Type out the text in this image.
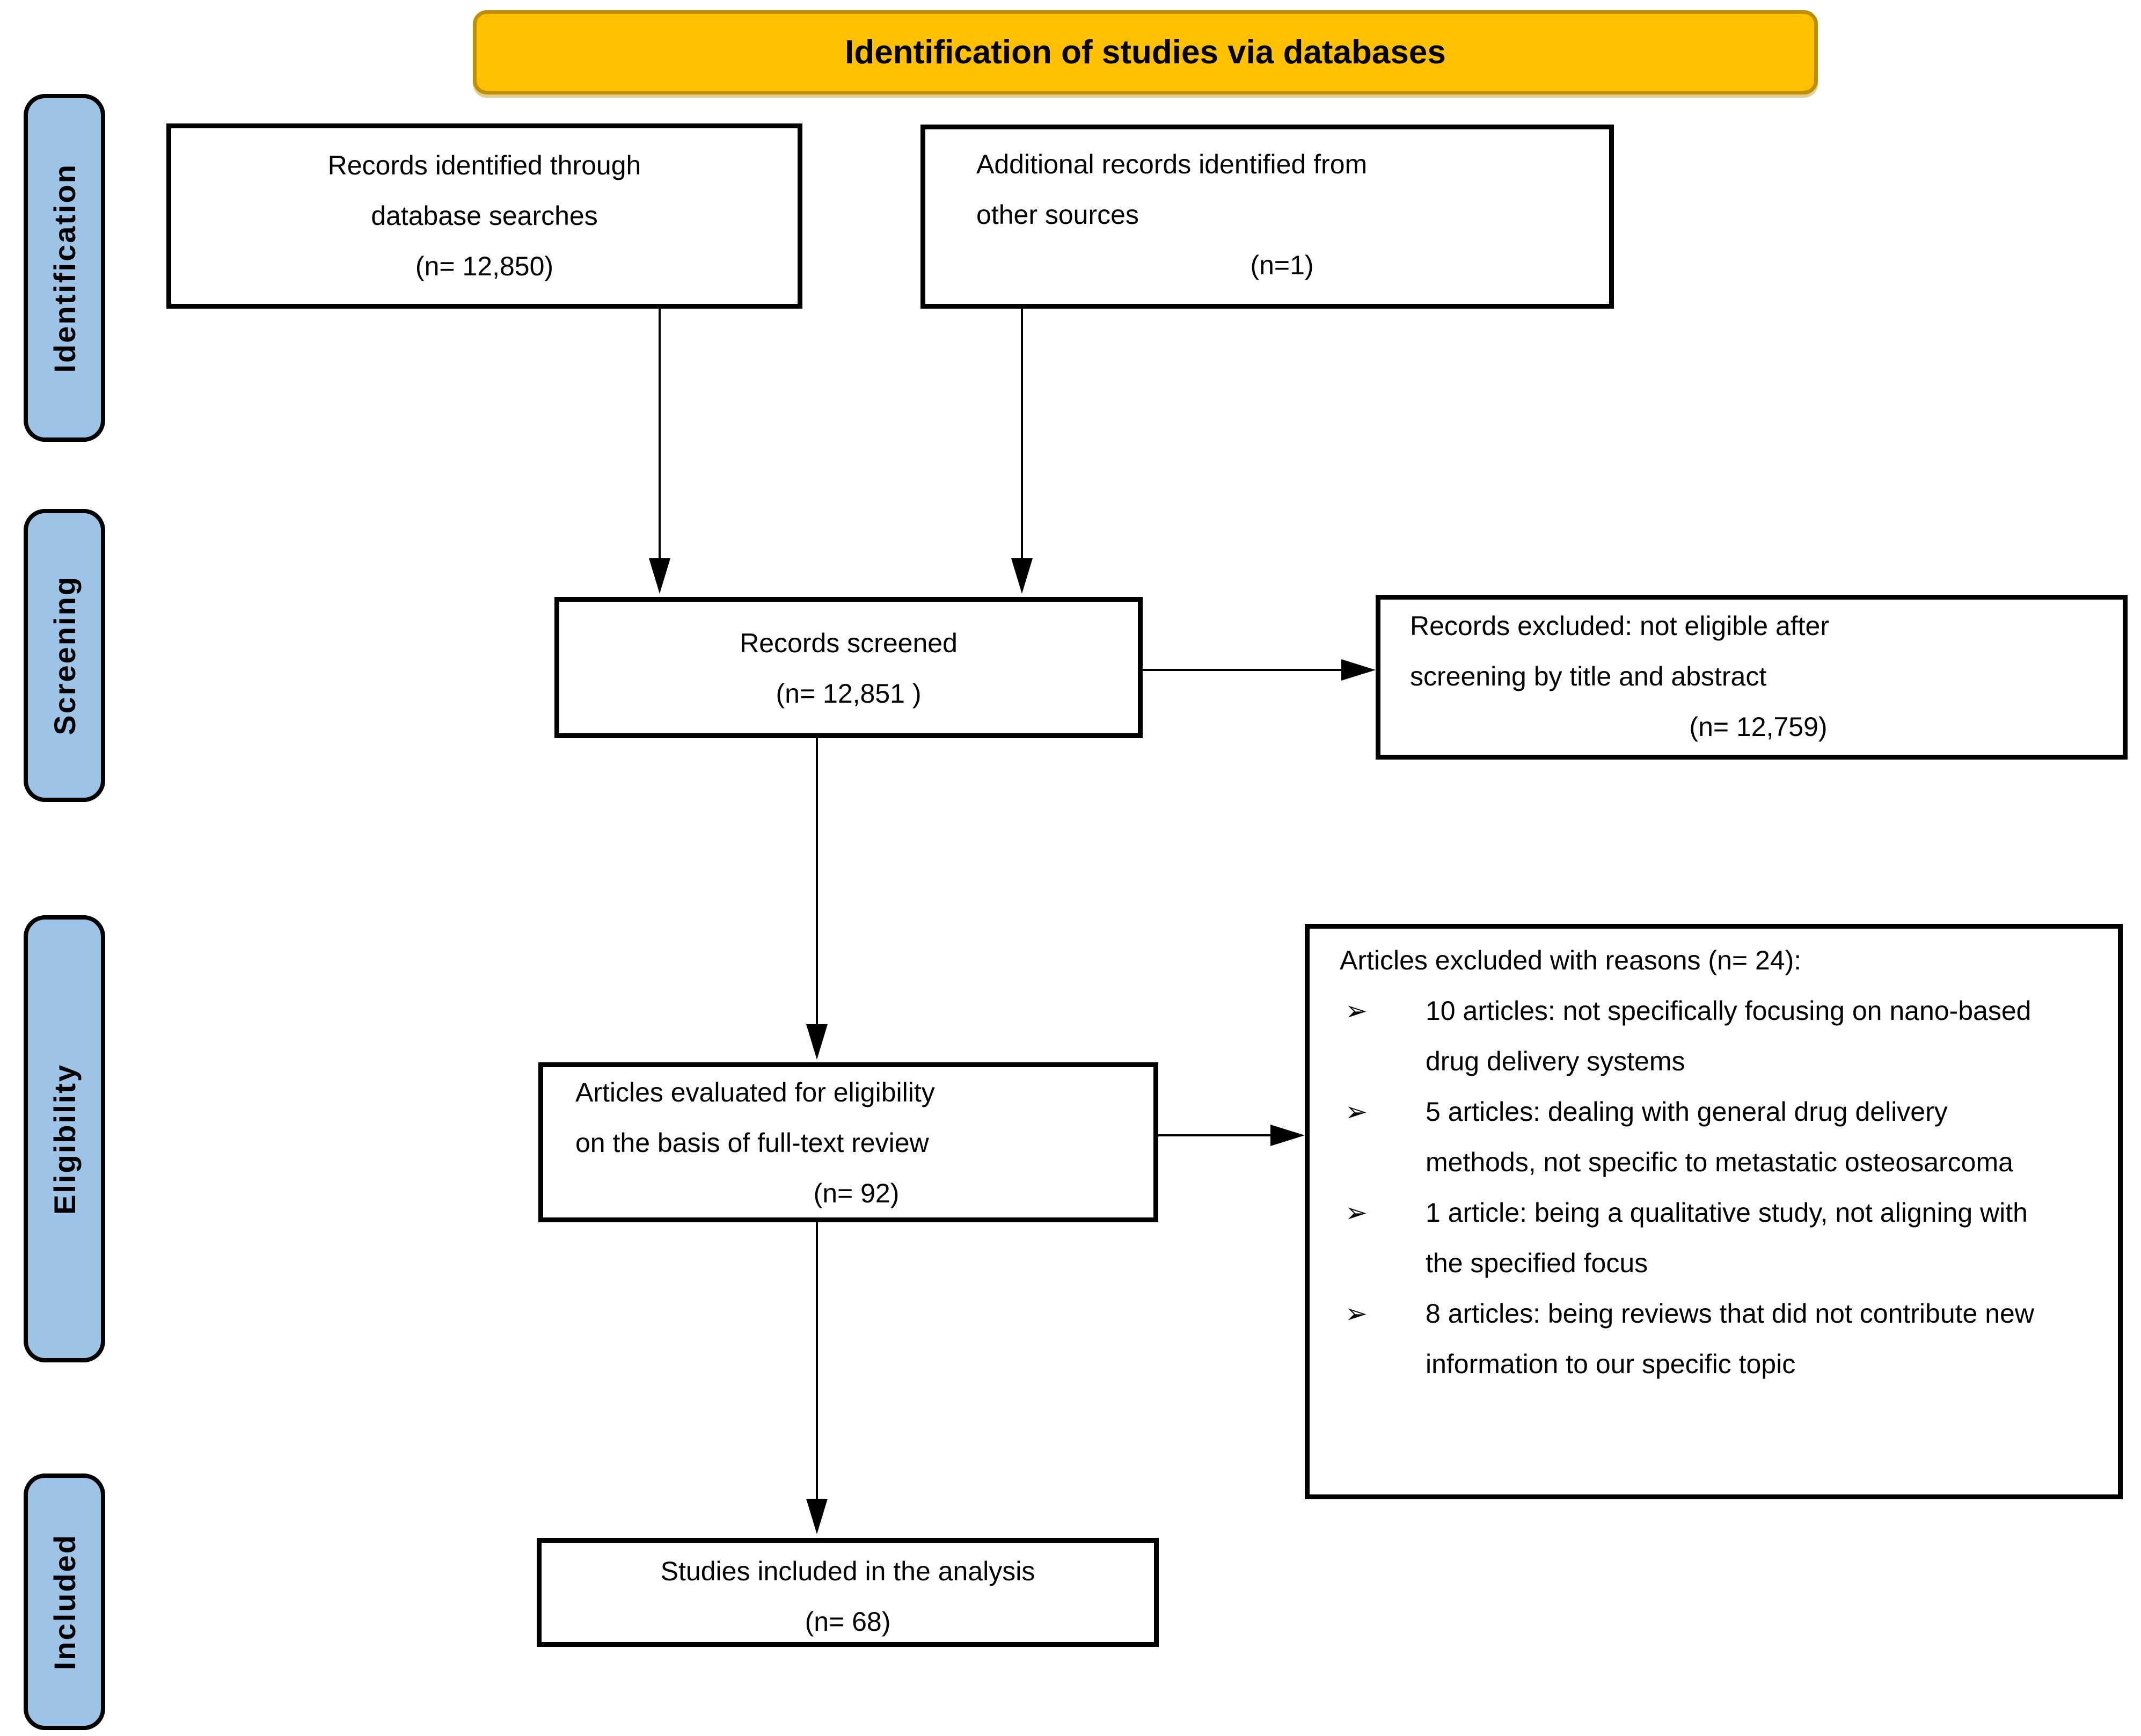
Identification of studies via databases
Identification
Screening
Eligibility
Included
Records identified through
database searches
(n= 12,850)
Additional records identified from
other sources
(n=1)
Records screened
(n= 12,851 )
Records excluded: not eligible after
screening by title and abstract
(n= 12,759)
Articles evaluated for eligibility
on the basis of full-text review
(n= 92)
Articles excluded with reasons (n= 24):
➢	10 articles: not specifically focusing on nano-based drug delivery systems
➢	5 articles: dealing with general drug delivery methods, not specific to metastatic osteosarcoma
➢	1 article: being a qualitative study, not aligning with the specified focus
➢	8 articles: being reviews that did not contribute new information to our specific topic
Studies included in the analysis
(n= 68)
